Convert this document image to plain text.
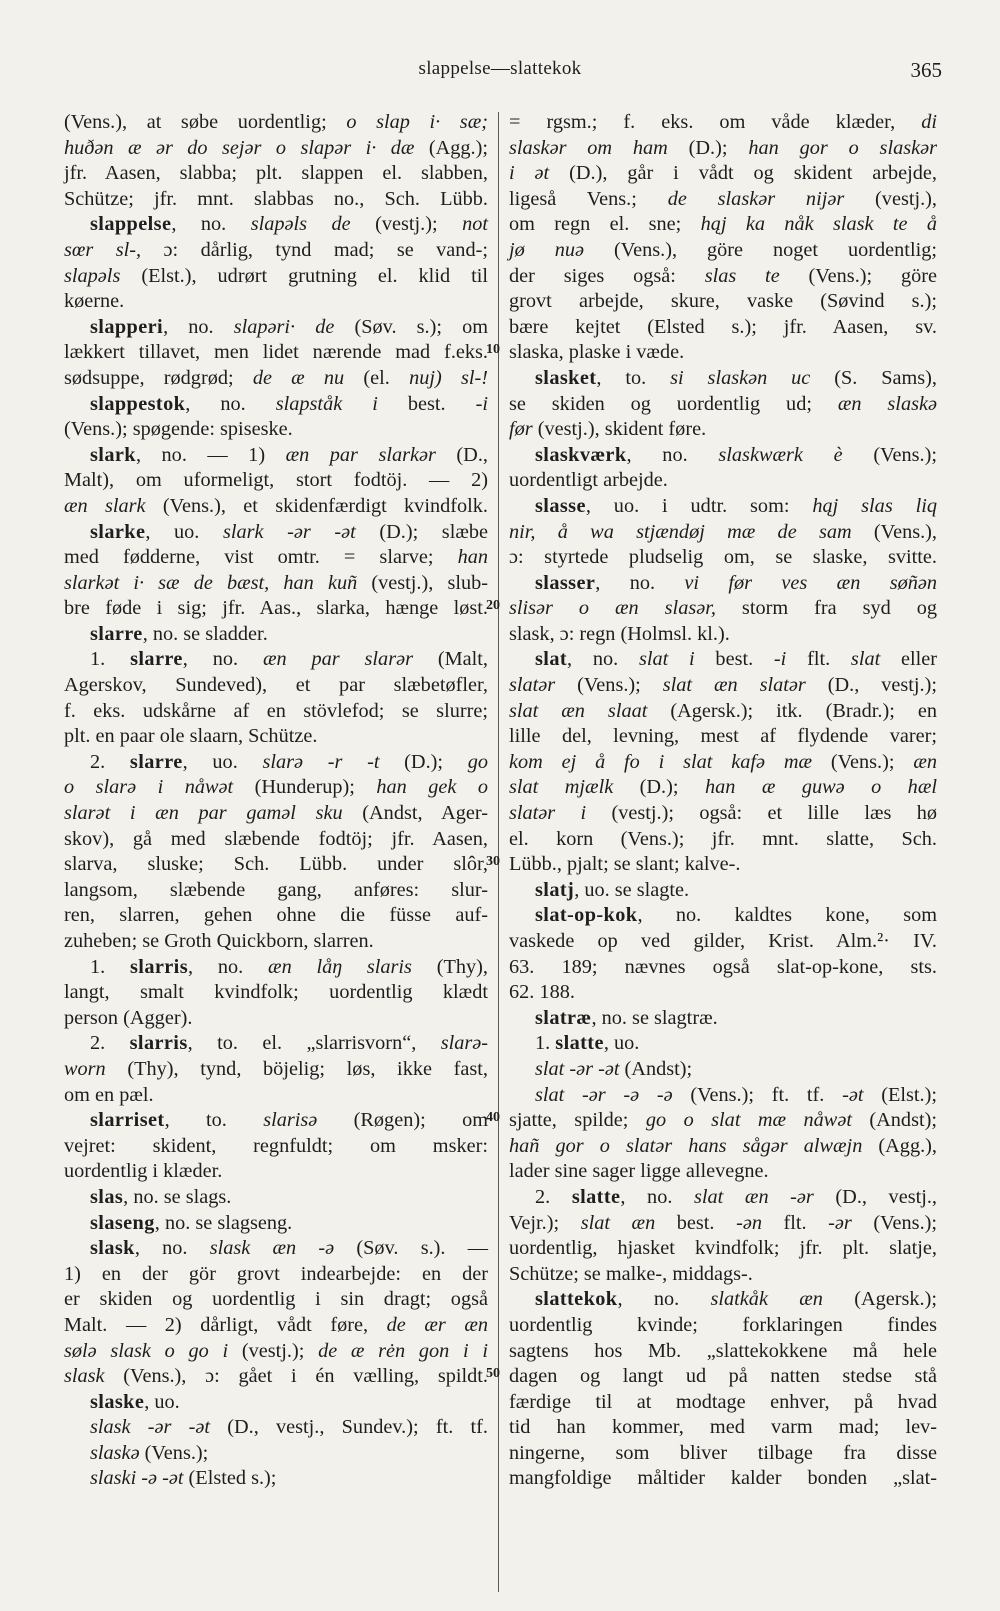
slappelse—slattekok	365
(Vens.), at søbe uordentlig; o slap i· sæ;
huðən æ ər do sejər o slapər i· dæ (Agg.);
jfr. Aasen, slabba; plt. slappen el. slabben,
Schütze; jfr. mnt. slabbas no., Sch. Lübb.
slappelse, no. slapəls de (vestj.); not
sœr sl-, ɔ: dårlig, tynd mad; se vand-;
slapəls (Elst.), udrørt grutning el. klid til
køerne.
slapperi, no. slapəri· de (Søv. s.); om
lækkert tillavet, men lidet nærende mad f.eks.
sødsuppe, rødgrød; de æ nu (el. nuj) sl-!
slappestok, no. slapståk i best. -i
(Vens.); spøgende: spiseske.
slark, no. — 1) æn par slarkər (D.,
Malt), om uformeligt, stort fodtöj. — 2)
æn slark (Vens.), et skidenfærdigt kvindfolk.
slarke, uo. slark -ər -ət (D.); slæbe
med fødderne, vist omtr. = slarve; han
slarkət i· sæ de bæst, han kuñ (vestj.), slub-
bre føde i sig; jfr. Aas., slarka, hænge løst.
slarre, no. se sladder.
1. slarre, no. æn par slarər (Malt,
Agerskov, Sundeved), et par slæbetøfler,
f. eks. udskårne af en stövlefod; se slurre;
plt. en paar ole slaarn, Schütze.
2. slarre, uo. slarə -r -t (D.); go
o slarə i nåwət (Hunderup); han gek o
slarət i æn par gaməl sku (Andst, Ager-
skov), gå med slæbende fodtöj; jfr. Aasen,
slarva, sluske; Sch. Lübb. under slôr,
langsom, slæbende gang, anføres: slur-
ren, slarren, gehen ohne die füsse auf-
zuheben; se Groth Quickborn, slarren.
1. slarris, no. æn låŋ slaris (Thy),
langt, smalt kvindfolk; uordentlig klædt
person (Agger).
2. slarris, to. el. „slarrisvorn“, slarə-
worn (Thy), tynd, böjelig; løs, ikke fast,
om en pæl.
slarriset, to. slarisə (Røgen); om
vejret: skident, regnfuldt; om msker:
uordentlig i klæder.
slas, no. se slags.
slaseng, no. se slagseng.
slask, no. slask æn -ə (Søv. s.). —
1) en der gör grovt indearbejde: en der
er skiden og uordentlig i sin dragt; også
Malt. — 2) dårligt, vådt føre, de ær æn
sølə slask o go i (vestj.); de æ rėn gon i i
slask (Vens.), ɔ: gået i én vælling, spildt.
slaske, uo.
slask -ər -ət (D., vestj., Sundev.); ft. tf.
slaskə (Vens.);
slaski -ə -ət (Elsted s.);
= rgsm.; f. eks. om våde klæder, di
slaskər om ham (D.); han gor o slaskər
i ət (D.), går i vådt og skident arbejde,
ligeså Vens.; de slaskər nijər (vestj.),
om regn el. sne; hąj ka nåk slask te å
jø nuə (Vens.), göre noget uordentlig;
der siges også: slas te (Vens.); göre
grovt arbejde, skure, vaske (Søvind s.);
bære kejtet (Elsted s.); jfr. Aasen, sv.
slaska, plaske i væde.
slasket, to. si slaskən uc (S. Sams),
se skiden og uordentlig ud; æn slaskə
før (vestj.), skident føre.
slaskværk, no. slaskwærk è (Vens.);
uordentligt arbejde.
slasse, uo. i udtr. som: hąj slas liq
nir, å wa stjændøj mæ de sam (Vens.),
ɔ: styrtede pludselig om, se slaske, svitte.
slasser, no. vi før ves æn søñən
slisər o æn slasər, storm fra syd og
slask, ɔ: regn (Holmsl. kl.).
slat, no. slat i best. -i flt. slat eller
slatər (Vens.); slat æn slatər (D., vestj.);
slat æn slaat (Agersk.); itk. (Bradr.); en
lille del, levning, mest af flydende varer;
kom ej å fo i slat kafə mæ (Vens.); æn
slat mjælk (D.); han æ guwə o hæl
slatər i (vestj.); også: et lille læs hø
el. korn (Vens.); jfr. mnt. slatte, Sch.
Lübb., pjalt; se slant; kalve-.
slatj, uo. se slagte.
slat-op-kok, no. kaldtes kone, som
vaskede op ved gilder, Krist. Alm.²· IV.
63. 189; nævnes også slat-op-kone, sts.
62. 188.
slatræ, no. se slagtræ.
1. slatte, uo.
slat -ər -ət (Andst);
slat -ər -ə -ə (Vens.); ft. tf. -ət (Elst.);
sjatte, spilde; go o slat mæ nåwət (Andst);
hañ gor o slatər hans sågər alwæjn (Agg.),
lader sine sager ligge allevegne.
2. slatte, no. slat æn -ər (D., vestj.,
Vejr.); slat æn best. -ən flt. -ər (Vens.);
uordentlig, hjasket kvindfolk; jfr. plt. slatje,
Schütze; se malke-, middags-.
slattekok, no. slatkåk æn (Agersk.);
uordentlig kvinde; forklaringen findes
sagtens hos Mb. „slattekokkene må hele
dagen og langt ud på natten stedse stå
færdige til at modtage enhver, på hvad
tid han kommer, med varm mad; lev-
ningerne, som bliver tilbage fra disse
mangfoldige måltider kalder bonden „slat-
10
20
30
40
50
